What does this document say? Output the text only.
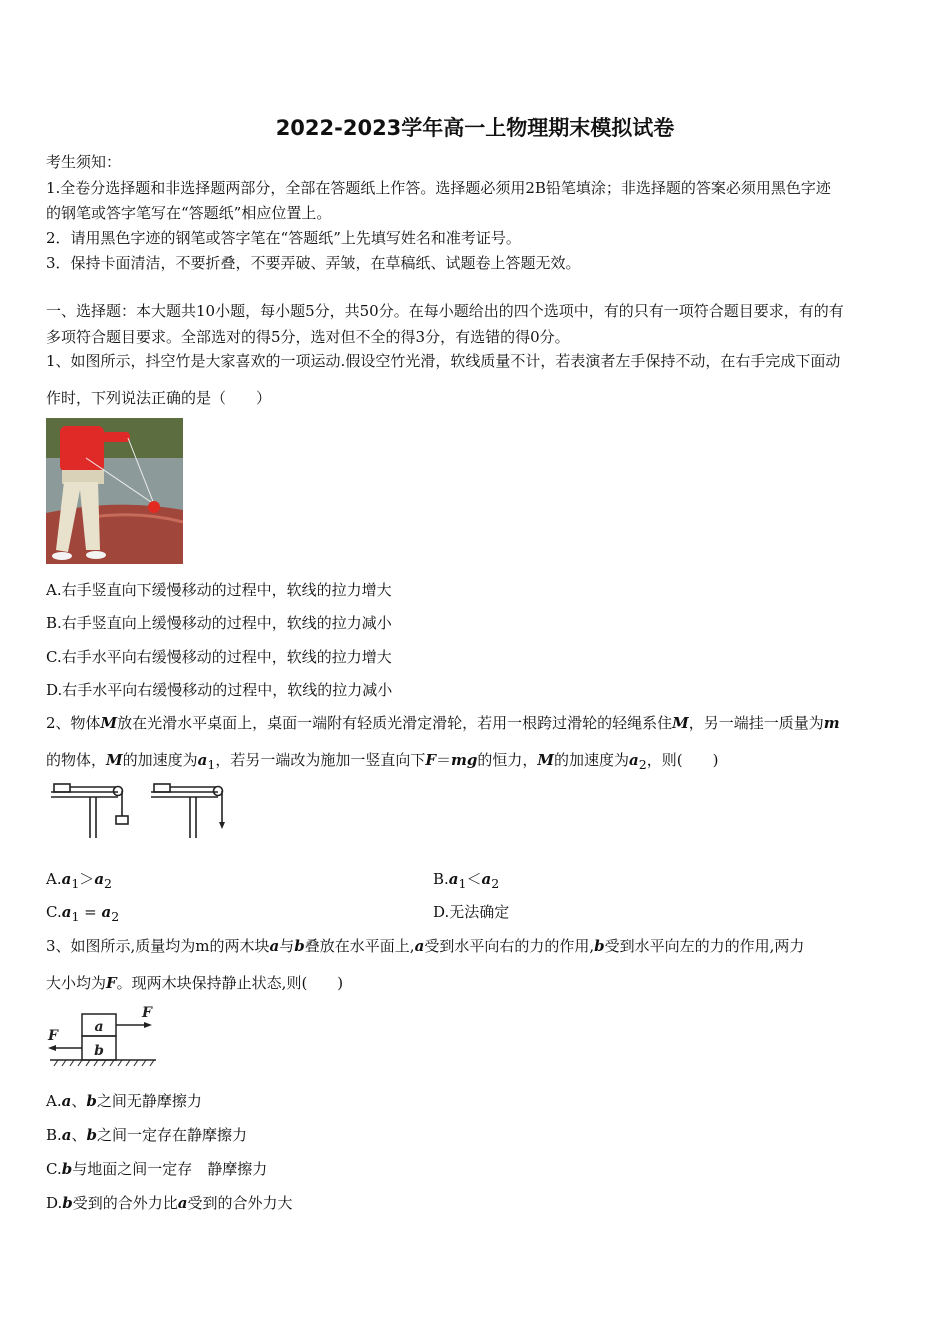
2022-2023学年高一上物理期末模拟试卷
考生须知：
1.全卷分选择题和非选择题两部分，全部在答题纸上作答。选择题必须用2B铅笔填涂；非选择题的答案必须用黑色字迹
的钢笔或答字笔写在“答题纸”相应位置上。
2．请用黑色字迹的钢笔或答字笔在“答题纸”上先填写姓名和准考证号。
3．保持卡面清洁，不要折叠，不要弄破、弄皱，在草稿纸、试题卷上答题无效。
一、选择题：本大题共10小题，每小题5分，共50分。在每小题给出的四个选项中，有的只有一项符合题目要求，有的有
多项符合题目要求。全部选对的得5分，选对但不全的得3分，有选错的得0分。
1、如图所示，抖空竹是大家喜欢的一项运动.假设空竹光滑，软线质量不计，若表演者左手保持不动，在右手完成下面动
作时，下列说法正确的是（　　）
A.右手竖直向下缓慢移动的过程中，软线的拉力增大
B.右手竖直向上缓慢移动的过程中，软线的拉力减小
C.右手水平向右缓慢移动的过程中，软线的拉力增大
D.右手水平向右缓慢移动的过程中，软线的拉力减小
2、物体M放在光滑水平桌面上，桌面一端附有轻质光滑定滑轮，若用一根跨过滑轮的轻绳系住M，另一端挂一质量为m
的物体，M的加速度为$a_1$，若另一端改为施加一竖直向下F＝mg的恒力，M的加速度为$a_2$，则(　　)
$A.a_1>a_2$	$B.a_1<a_2$
$C.a_1 = a_2$	D.无法确定
3、如图所示,质量均为m的两木块a与b叠放在水平面上,a受到水平向右的力的作用,b受到水平向左的力的作用,两力
大小均为F。现两木块保持静止状态,则(　　)
a
b
F
F
A.a、b之间无静摩擦力
B.a、b之间一定存在静摩擦力
C.b与地面之间一定存　静摩擦力
D.b受到的合外力比a受到的合外力大
